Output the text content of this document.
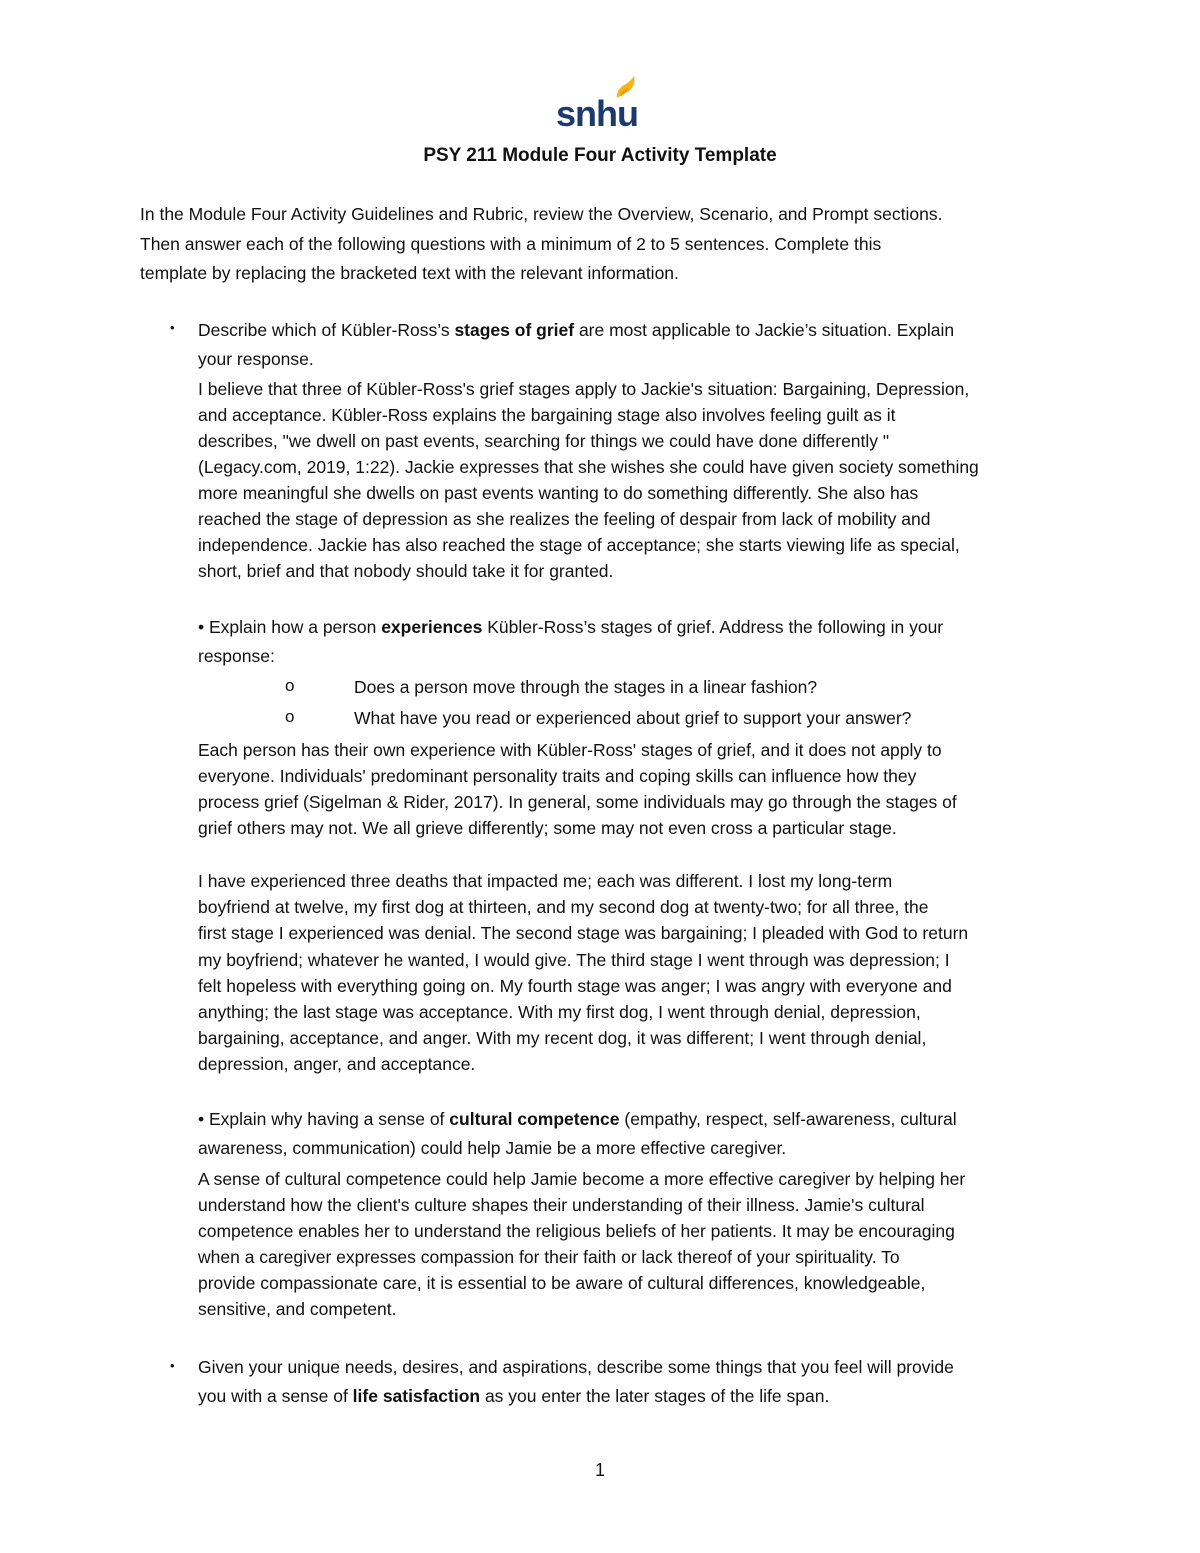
snhu
PSY 211 Module Four Activity Template

In the Module Four Activity Guidelines and Rubric, review the Overview, Scenario, and Prompt sections.

Then answer each of the following questions with a minimum of 2 to 5 sentences. Complete this

template by replacing the bracketed text with the relevant information.

• Describe which of Kübler-Ross’s stages of grief are most applicable to Jackie’s situation. Explain

your response.

I believe that three of Kübler-Ross's grief stages apply to Jackie's situation: Bargaining, Depression,

and acceptance. Kübler-Ross explains the bargaining stage also involves feeling guilt as it

describes, "we dwell on past events, searching for things we could have done differently "

(Legacy.com, 2019, 1:22). Jackie expresses that she wishes she could have given society something

more meaningful she dwells on past events wanting to do something differently. She also has

reached the stage of depression as she realizes the feeling of despair from lack of mobility and

independence. Jackie has also reached the stage of acceptance; she starts viewing life as special,

short, brief and that nobody should take it for granted.

• Explain how a person experiences Kübler-Ross’s stages of grief. Address the following in your

response:

o	Does a person move through the stages in a linear fashion?
o	What have you read or experienced about grief to support your answer?

Each person has their own experience with Kübler-Ross' stages of grief, and it does not apply to

everyone. Individuals' predominant personality traits and coping skills can influence how they

process grief (Sigelman & Rider, 2017). In general, some individuals may go through the stages of

grief others may not. We all grieve differently; some may not even cross a particular stage.

I have experienced three deaths that impacted me; each was different. I lost my long-term

boyfriend at twelve, my first dog at thirteen, and my second dog at twenty-two; for all three, the

first stage I experienced was denial. The second stage was bargaining; I pleaded with God to return

my boyfriend; whatever he wanted, I would give. The third stage I went through was depression; I

felt hopeless with everything going on. My fourth stage was anger; I was angry with everyone and

anything; the last stage was acceptance. With my first dog, I went through denial, depression,

bargaining, acceptance, and anger. With my recent dog, it was different; I went through denial,

depression, anger, and acceptance.

• Explain why having a sense of cultural competence (empathy, respect, self-awareness, cultural

awareness, communication) could help Jamie be a more effective caregiver.

A sense of cultural competence could help Jamie become a more effective caregiver by helping her

understand how the client's culture shapes their understanding of their illness. Jamie's cultural

competence enables her to understand the religious beliefs of her patients. It may be encouraging

when a caregiver expresses compassion for their faith or lack thereof of your spirituality. To

provide compassionate care, it is essential to be aware of cultural differences, knowledgeable,

sensitive, and competent.

• Given your unique needs, desires, and aspirations, describe some things that you feel will provide

you with a sense of life satisfaction as you enter the later stages of the life span.

1
